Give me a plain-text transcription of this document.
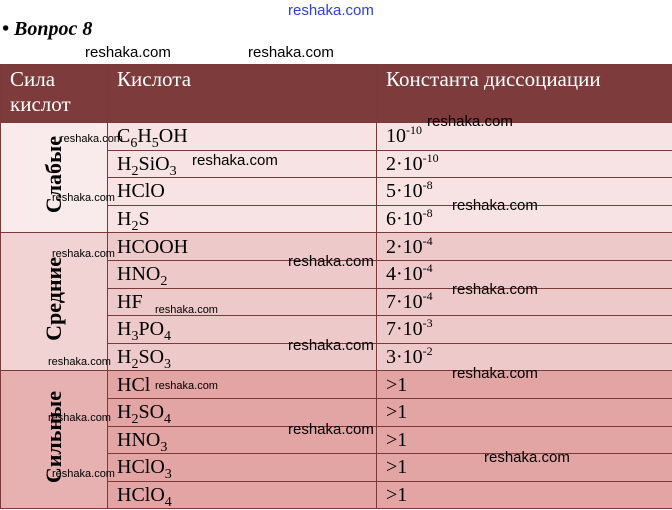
reshaka.com
• Вопрос 8
reshaka.com	reshaka.com
Сила
кислот	Кислота	Константа диссоциации
Слабые	$C_6H_5OH$	$10^{-10}$
	$H_2SiO_3$	$2\cdot 10^{-10}$
	HClO	$5\cdot 10^{-8}$
	$H_2S$	$6\cdot 10^{-8}$
Средние	HCOOH	$2\cdot 10^{-4}$
	$HNO_2$	$4\cdot 10^{-4}$
	HF	$7\cdot 10^{-4}$
	$H_3PO_4$	$7\cdot 10^{-3}$
	$H_2SO_3$	$3\cdot 10^{-2}$
Сильные	HCl	>1
	$H_2SO_4$	>1
	$HNO_3$	>1
	HClO$_3$	>1
	HClO$_4$	>1
reshaka.com
reshaka.com
reshaka.com
reshaka.com	reshaka.com
reshaka.com	reshaka.com
reshaka.com
reshaka.com
reshaka.com
reshaka.com
reshaka.com
reshaka.com
reshaka.com
reshaka.com
reshaka.com
reshaka.com
